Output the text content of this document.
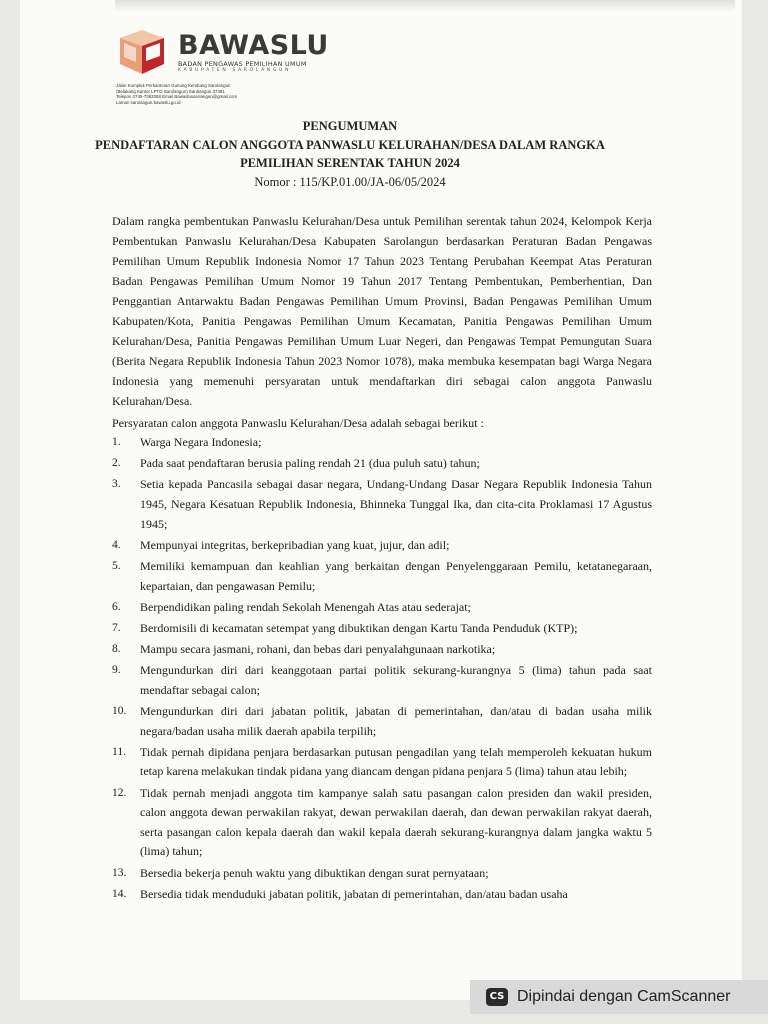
BAWASLU
BADAN PENGAWAS PEMILIHAN UMUM
KABUPATEN SAROLANGUN
Jalan Komplek Perkantoran Gunung Kembang Sarolangun
(Belakang Kantor LPTO Sarolangun) Sarolangun 37481
Telepon 0745-7392058 Email Bawaslusarolangun@gmail.com
Laman sarolangun.bawaslu.go.id
PENGUMUMAN
PENDAFTARAN CALON ANGGOTA PANWASLU KELURAHAN/DESA DALAM RANGKA
PEMILIHAN SERENTAK TAHUN 2024
Nomor : 115/KP.01.00/JA-06/05/2024

Dalam rangka pembentukan Panwaslu Kelurahan/Desa untuk Pemilihan serentak tahun 2024, Kelompok Kerja Pembentukan Panwaslu Kelurahan/Desa Kabupaten Sarolangun berdasarkan Peraturan Badan Pengawas Pemilihan Umum Republik Indonesia Nomor 17 Tahun 2023 Tentang Perubahan Keempat Atas Peraturan Badan Pengawas Pemilihan Umum Nomor 19 Tahun 2017 Tentang Pembentukan, Pemberhentian, Dan Penggantian Antarwaktu Badan Pengawas Pemilihan Umum Provinsi, Badan Pengawas Pemilihan Umum Kabupaten/Kota, Panitia Pengawas Pemilihan Umum Kecamatan, Panitia Pengawas Pemilihan Umum Kelurahan/Desa, Panitia Pengawas Pemilihan Umum Luar Negeri, dan Pengawas Tempat Pemungutan Suara (Berita Negara Republik Indonesia Tahun 2023 Nomor 1078), maka membuka kesempatan bagi Warga Negara Indonesia yang memenuhi persyaratan untuk mendaftarkan diri sebagai calon anggota Panwaslu Kelurahan/Desa.

Persyaratan calon anggota Panwaslu Kelurahan/Desa adalah sebagai berikut :

1.	Warga Negara Indonesia;
2.	Pada saat pendaftaran berusia paling rendah 21 (dua puluh satu) tahun;
3.	Setia kepada Pancasila sebagai dasar negara, Undang-Undang Dasar Negara Republik Indonesia Tahun 1945, Negara Kesatuan Republik Indonesia, Bhinneka Tunggal Ika, dan cita-cita Proklamasi 17 Agustus 1945;
4.	Mempunyai integritas, berkepribadian yang kuat, jujur, dan adil;
5.	Memiliki kemampuan dan keahlian yang berkaitan dengan Penyelenggaraan Pemilu, ketatanegaraan, kepartaian, dan pengawasan Pemilu;
6.	Berpendidikan paling rendah Sekolah Menengah Atas atau sederajat;
7.	Berdomisili di kecamatan setempat yang dibuktikan dengan Kartu Tanda Penduduk (KTP);
8.	Mampu secara jasmani, rohani, dan bebas dari penyalahgunaan narkotika;
9.	Mengundurkan diri dari keanggotaan partai politik sekurang-kurangnya 5 (lima) tahun pada saat mendaftar sebagai calon;
10.	Mengundurkan diri dari jabatan politik, jabatan di pemerintahan, dan/atau di badan usaha milik negara/badan usaha milik daerah apabila terpilih;
11.	Tidak pernah dipidana penjara berdasarkan putusan pengadilan yang telah memperoleh kekuatan hukum tetap karena melakukan tindak pidana yang diancam dengan pidana penjara 5 (lima) tahun atau lebih;
12.	Tidak pernah menjadi anggota tim kampanye salah satu pasangan calon presiden dan wakil presiden, calon anggota dewan perwakilan rakyat, dewan perwakilan daerah, dan dewan perwakilan rakyat daerah, serta pasangan calon kepala daerah dan wakil kepala daerah sekurang-kurangnya dalam jangka waktu 5 (lima) tahun;
13.	Bersedia bekerja penuh waktu yang dibuktikan dengan surat pernyataan;
14.	Bersedia tidak menduduki jabatan politik, jabatan di pemerintahan, dan/atau badan usaha
CS Dipindai dengan CamScanner
